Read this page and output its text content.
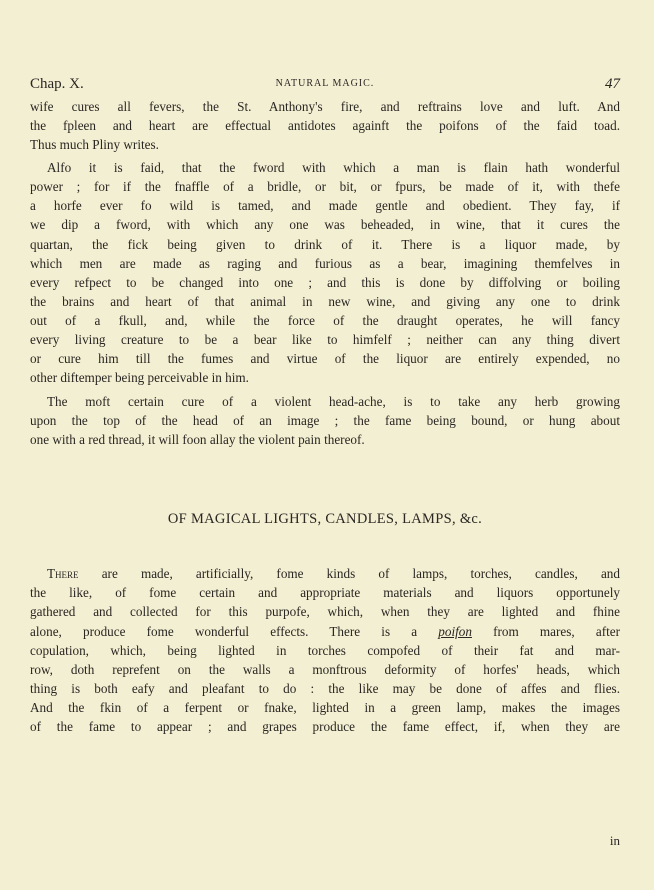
Chap. X.	NATURAL MAGIC.	47
wife cures all fevers, the St. Anthony's fire, and reftrains love and luft. And
the fpleen and heart are effectual antidotes againft the poifons of the faid toad.
Thus much Pliny writes.
Alfo it is faid, that the fword with which a man is flain hath wonderful
power ; for if the fnaffle of a bridle, or bit, or fpurs, be made of it, with thefe
a horfe ever fo wild is tamed, and made gentle and obedient. They fay, if
we dip a fword, with which any one was beheaded, in wine, that it cures the
quartan, the fick being given to drink of it. There is a liquor made, by
which men are made as raging and furious as a bear, imagining themfelves in
every refpect to be changed into one ; and this is done by diffolving or boiling
the brains and heart of that animal in new wine, and giving any one to drink
out of a fkull, and, while the force of the draught operates, he will fancy
every living creature to be a bear like to himfelf ; neither can any thing divert
or cure him till the fumes and virtue of the liquor are entirely expended, no
other diftemper being perceivable in him.
The moft certain cure of a violent head-ache, is to take any herb growing
upon the top of the head of an image ; the fame being bound, or hung about
one with a red thread, it will foon allay the violent pain thereof.
OF MAGICAL LIGHTS, CANDLES, LAMPS, &c.
There are made, artificially, fome kinds of lamps, torches, candles, and
the like, of fome certain and appropriate materials and liquors opportunely
gathered and collected for this purpofe, which, when they are lighted and fhine
alone, produce fome wonderful effects. There is a poifon from mares, after
copulation, which, being lighted in torches compofed of their fat and mar-
row, doth reprefent on the walls a monftrous deformity of horfes' heads, which
thing is both eafy and pleafant to do : the like may be done of affes and flies.
And the fkin of a ferpent or fnake, lighted in a green lamp, makes the images
of the fame to appear ; and grapes produce the fame effect, if, when they are
in
